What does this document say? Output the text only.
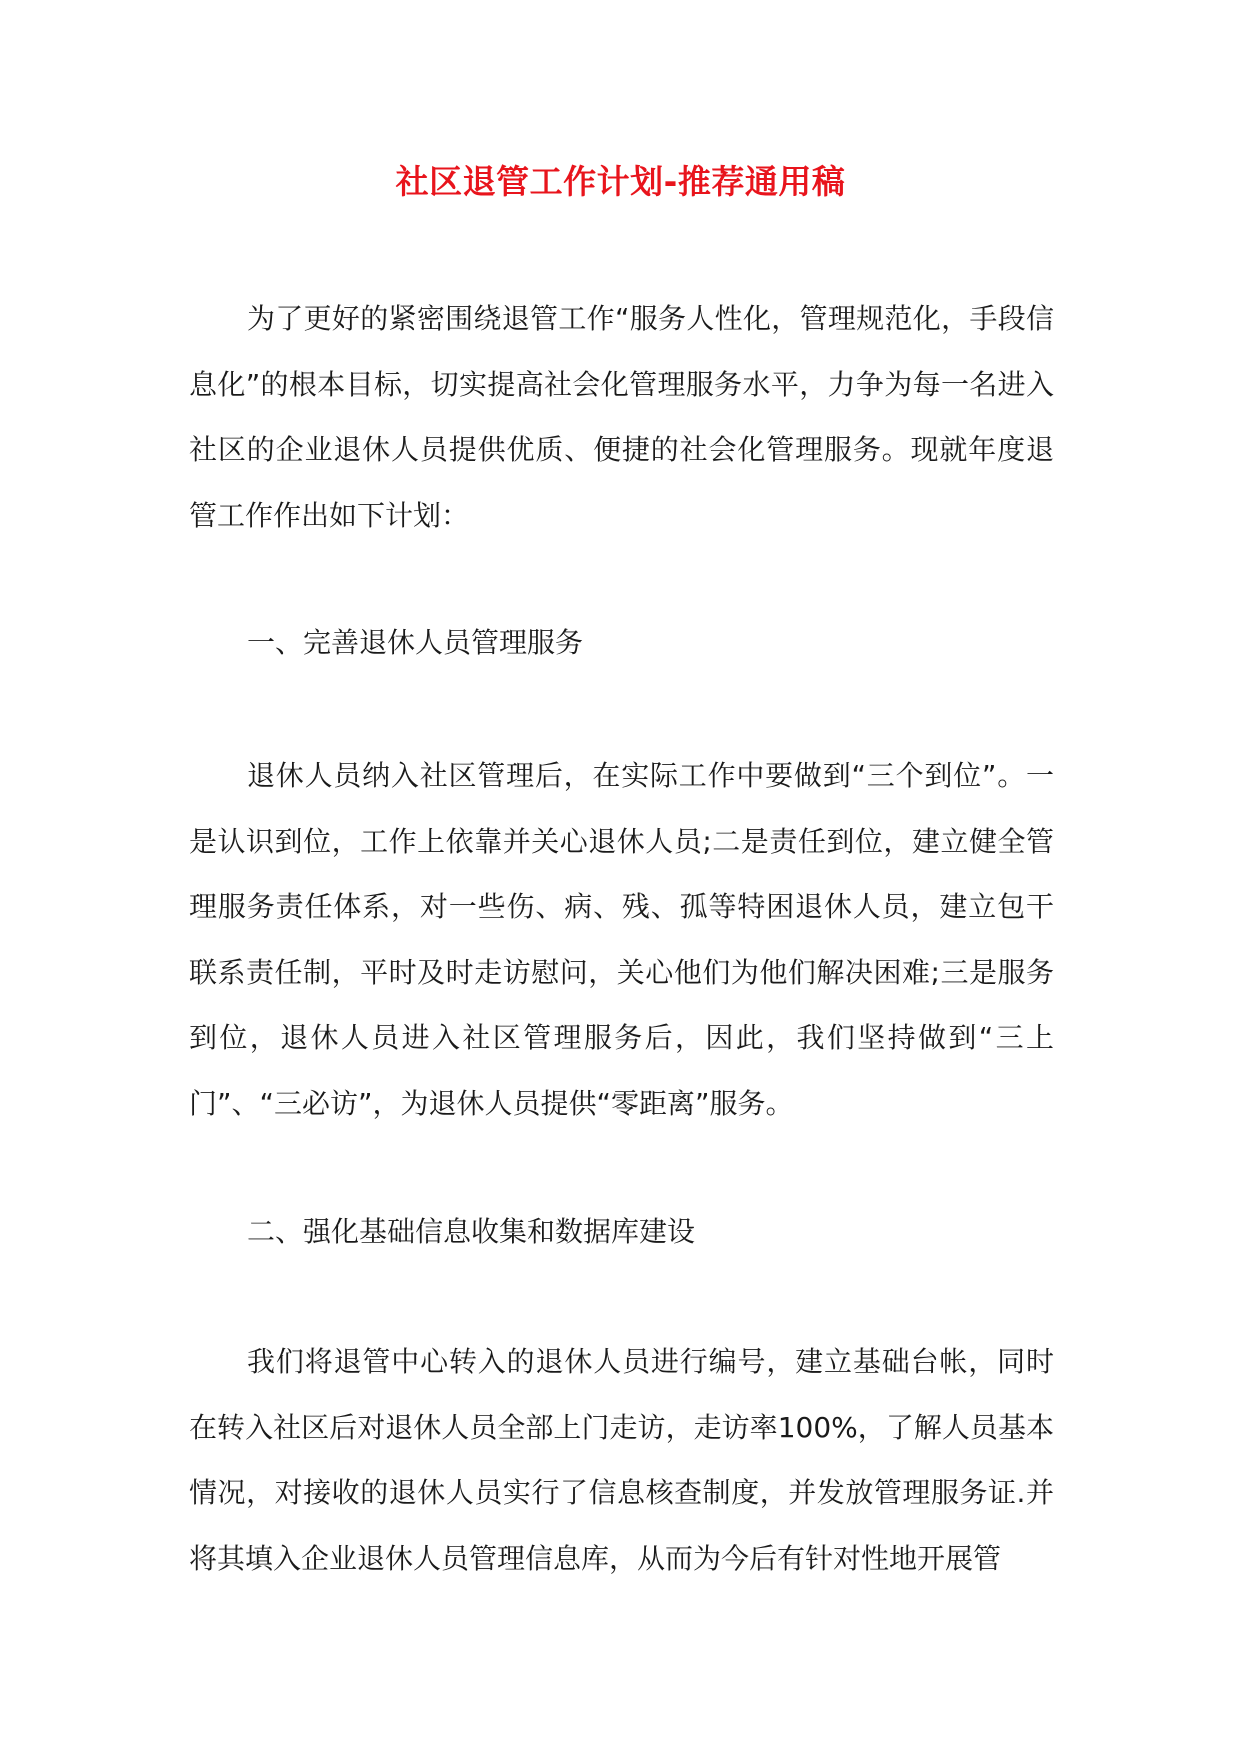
社区退管工作计划-推荐通用稿

为了更好的紧密围绕退管工作“服务人性化，管理规范化，手段信息化”的根本目标，切实提高社会化管理服务水平，力争为每一名进入社区的企业退休人员提供优质、便捷的社会化管理服务。现就年度退管工作作出如下计划：

一、完善退休人员管理服务

退休人员纳入社区管理后，在实际工作中要做到“三个到位”。一是认识到位，工作上依靠并关心退休人员;二是责任到位，建立健全管理服务责任体系，对一些伤、病、残、孤等特困退休人员，建立包干联系责任制，平时及时走访慰问，关心他们为他们解决困难;三是服务到位，退休人员进入社区管理服务后，因此，我们坚持做到“三上门”、“三必访”，为退休人员提供“零距离”服务。

二、强化基础信息收集和数据库建设

我们将退管中心转入的退休人员进行编号，建立基础台帐，同时在转入社区后对退休人员全部上门走访，走访率100%，了解人员基本情况，对接收的退休人员实行了信息核查制度，并发放管理服务证.并将其填入企业退休人员管理信息库，从而为今后有针对性地开展管
